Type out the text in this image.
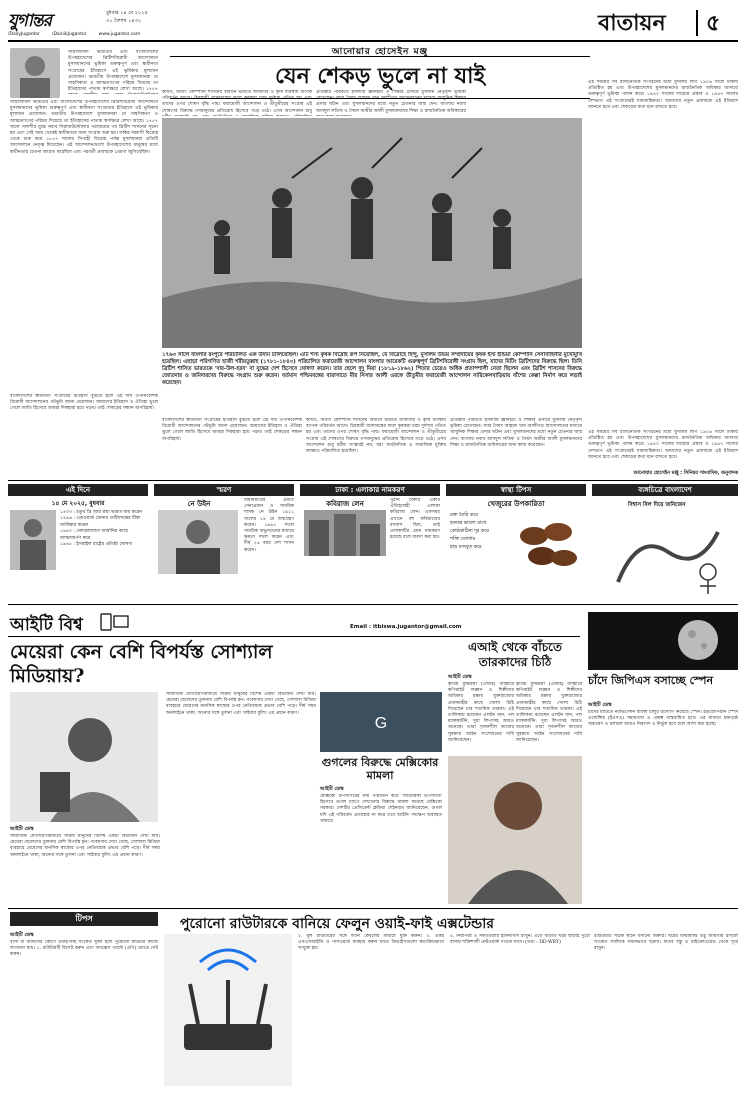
যুগান্তর	বুধবার ১৪ মে ২০২৫
৩১ বৈশাখ ১৪৩২
/DailyJugantor	/DainikJugantor	www.jugantor.com	বাতায়ন ৫
আনোয়ার হোসেইন মঞ্জু
যেন শেকড় ভুলে না যাই
সাম্রাজ্যবাদ ভারতের এবং বাংলাদেশের উপমহাদেশের ব্রিটিশবিরোধী আন্দোলনে মুসলমানদের ভূমিকা গুরুত্বপূর্ণ এবং স্বাধীনতা সংগ্রামের ইতিহাসে এই ভূমিকার মূল্যায়ন প্রয়োজন। ভারতীয় উপমহাদেশে মুসলমানরা যে সাহসিকতা ও আত্মত্যাগের পরিচয় দিয়েছে তা ইতিহাসের পাতায় স্বর্ণাক্ষরে লেখা আছে। ১৭৫৭
সাম্রাজ্যবাদ ভারতের এবং বাংলাদেশের উপমহাদেশের ব্রিটিশবিরোধী আন্দোলনে মুসলমানদের ভূমিকা গুরুত্বপূর্ণ এবং স্বাধীনতা সংগ্রামের ইতিহাসে এই ভূমিকার মূল্যায়ন প্রয়োজন। ভারতীয় উপমহাদেশে মুসলমানরা যে সাহসিকতা ও আত্মত্যাগের পরিচয় দিয়েছে তা ইতিহাসের পাতায় স্বর্ণাক্ষরে লেখা আছে। ১৭৫৭ সালে পলাশীর যুদ্ধে নবাব সিরাজউদ্দৌলার পরাজয়ের পর ব্রিটিশ শাসনের সূচনা হয় এবং সেই সময় থেকেই স্বাধীনতার জন্য সংগ্রাম শুরু হয়। ফকির-সন্ন্যাসী বিদ্রোহ থেকে শুরু করে ১৮৫৭ সালের সিপাহী বিদ্রোহ পর্যন্ত মুসলমানরা প্রতিটি আন্দোলনে নেতৃত্ব দিয়েছেন। এই আন্দোলনগুলো উপমহাদেশের মানুষের মধ্যে স্বাধীনতার চেতনা জাগ্রত করেছিল এবং পরবর্তী প্রজন্মকে প্রেরণা জুগিয়েছিল।
কার্যত, অর্থাৎ কোম্পানি শাসনের অধীনে ভারতে জমিদারি ও কৃষি ব্যবস্থায় ব্যাপক পরিবর্তন আসে। চিরস্থায়ী বন্দোবস্তের ফলে কৃষকরা চরম দুর্দশায় পতিত হয় এবং তাদের ওপর শোষণ বৃদ্ধি পায়। ফরায়েজী আন্দোলন ও তীতুমীরের সংগ্রাম এই শোষণের বিরুদ্ধে গণমানুষের প্রতিরোধ হিসেবে গড়ে ওঠে। এসব আন্দোলন শুধু
প্রতিষ্ঠার পরিবর্তে ইসলামি জ্ঞানচর্চা ও শিক্ষার প্রসারে মুসলিম নেতৃবৃন্দ ভূমিকা রেখেছেন। স্যার সৈয়দ আহমদ খান আলীগড় আন্দোলনের মাধ্যমে আধুনিক শিক্ষার প্রসার ঘটান এবং মুসলমানদের মধ্যে নতুন চেতনার জন্ম দেন। বাংলায় নবাব আবদুল লতিফ ও সৈয়দ আমীর আলী মুসলমানদের শিক্ষা ও রাজনৈতিক অধিকারের
এই সময়ের সব রাজনৈতিক সংগঠনের মধ্যে মুসলিম লীগ ১৯০৬ সালে ঢাকায় প্রতিষ্ঠিত হয় এবং উপমহাদেশের মুসলমানদের রাজনৈতিক অধিকার আদায়ে গুরুত্বপূর্ণ ভূমিকা পালন করে। ১৯৪০ সালের লাহোর প্রস্তাব ও ১৯৪৭ সালের দেশভাগ এই সংগ্রামেরই ধারাবাহিকতা। আমাদের নতুন প্রজন্মকে এই ইতিহাস জানতে হবে এবং শেকড়ের কথা মনে রাখতে হবে।
১৭৬৩ সালে বাংলার রংপুরে পরিচালিত এক উদ্যম চালিয়েছিল। এটি শস্য কৃষক বিদ্রোহ রূপ নিয়েছিল, যে বিদ্রোহে হিন্দু, মুসলিম উভয় সম্প্রদায়ের কৃষক ইস্ট ইন্ডিয়া কোম্পানি সেনাবাহিনীর মুখোমুখি হয়েছিল। এছাড়া পরিগণিত হাজী শরীয়তুল্লাহ (১৭৮১-১৮৪০) পরিচালিত ফরায়েজী আন্দোলন বাংলার আরেকটি গুরুত্বপূর্ণ ব্রিটিশবিরোধী সংগ্রাম ছিল, যাদের মিটিং ব্রিটিশদের বিরুদ্ধে ছিল। তিনি ব্রিটিশ শাসিত ভারতকে 'দার-উল-হরব' বা যুদ্ধের দেশ হিসেবে ঘোষণা করেন। তার ছেলে দুদু মিয়া (১৮১৯-১৮৬২) পিতার চেয়েও অধিক প্রতাপশালী নেতা ছিলেন এবং ব্রিটিশ শাসনের বিরুদ্ধে জোতদার ও জমিদারদের বিরুদ্ধে সংগ্রাম শুরু করেন। বর্তমান পশ্চিমবঙ্গের বারাসাতে মীর নিসার আলী ওরফে তীতুমীর ফরায়েজী আন্দোলন নারিকেলবাড়িয়ায় বাঁশের কেল্লা নির্মাণ করে লড়াই করেছেন।
বাংলাদেশের স্বাধীনতা সংগ্রামের ইতিহাস বুঝতে হলে এই দীর্ঘ ঔপনিবেশিক বিরোধী আন্দোলনের পটভূমি জানা প্রয়োজন। আমাদের ইতিহাস ও ঐতিহ্য ভুলে গেলে জাতি হিসেবে আমরা দিকহারা হয়ে পড়ব। তাই শেকড়ের সন্ধান অপরিহার্য।
কার্যত, অর্থাৎ কোম্পানি শাসনের অধীনে ভারতে জমিদারি ও কৃষি ব্যবস্থায় ব্যাপক পরিবর্তন আসে। চিরস্থায়ী বন্দোবস্তের ফলে কৃষকরা চরম দুর্দশায় পতিত হয় এবং তাদের ওপর শোষণ বৃদ্ধি পায়। ফরায়েজী আন্দোলন ও তীতুমীরের সংগ্রাম এই শোষণের বিরুদ্ধে গণমানুষের প্রতিরোধ হিসেবে গড়ে ওঠে। এসব আন্দোলন শুধু ধর্মীয় সংস্কারই নয়, বরং অর্থনৈতিক ও সামাজিক মুক্তির লক্ষ্যেও পরিচালিত হয়েছিল।
প্রতিষ্ঠার পরিবর্তে ইসলামি জ্ঞানচর্চা ও শিক্ষার প্রসারে মুসলিম নেতৃবৃন্দ ভূমিকা রেখেছেন। স্যার সৈয়দ আহমদ খান আলীগড় আন্দোলনের মাধ্যমে আধুনিক শিক্ষার প্রসার ঘটান এবং মুসলমানদের মধ্যে নতুন চেতনার জন্ম দেন। বাংলায় নবাব আবদুল লতিফ ও সৈয়দ আমীর আলী মুসলমানদের শিক্ষা ও রাজনৈতিক অধিকারের জন্য কাজ করেছেন।
বাংলাদেশের স্বাধীনতা সংগ্রামের ইতিহাস বুঝতে হলে এই দীর্ঘ ঔপনিবেশিক বিরোধী আন্দোলনের পটভূমি জানা প্রয়োজন। আমাদের ইতিহাস ও ঐতিহ্য ভুলে গেলে জাতি হিসেবে আমরা দিকহারা হয়ে পড়ব। তাই শেকড়ের সন্ধান অপরিহার্য।
এই সময়ের সব রাজনৈতিক সংগঠনের মধ্যে মুসলিম লীগ ১৯০৬ সালে ঢাকায় প্রতিষ্ঠিত হয় এবং উপমহাদেশের মুসলমানদের রাজনৈতিক অধিকার আদায়ে গুরুত্বপূর্ণ ভূমিকা পালন করে। ১৯৪০ সালের লাহোর প্রস্তাব ও ১৯৪৭ সালের দেশভাগ এই সংগ্রামেরই ধারাবাহিকতা। আমাদের নতুন প্রজন্মকে এই ইতিহাস জানতে হবে এবং শেকড়ের কথা মনে রাখতে হবে।
আনোয়ার হোসেইন মঞ্জু : সিনিয়র সাংবাদিক, অনুবাদক
এই দিনে
১৪ মে ২০২৫, বুধবার
১৪৩৩ : চতুর্থ খ্রি আর ত্রয়া ভারত জয় করেন
১৭৯৬ : এডওয়ার্ড জেনার গুটিবসন্তের টিকা আবিষ্কার করেন
১৯৪০ : নেদারল্যান্ডস জার্মানির কাছে আত্মসমর্পণ করে
১৯৪৮ : ইসরাইল রাষ্ট্রের প্রতিষ্ঠা ঘোষণা
স্মরণ
নে উইন	মিয়ানমারের প্রয়াত সেনাপ্রধান ও সামরিক শাসক নে উইন ১৯১১ সালের ১৪ মে জন্মগ্রহণ করেন। ১৯৬২ সালে সামরিক অভ্যুত্থানের মাধ্যমে ক্ষমতা দখল করেন এবং দীর্ঘ ২৬ বছর দেশ শাসন করেন।
ঢাকা : এলাকার নামকরণ
কবিরাজ লেন	পুরান ঢাকার একটি ঐতিহ্যবাহী এলাকা কবিরাজ লেন। একসময় এখানে বহু কবিরাজের বসবাস ছিল, তাই এলাকাটির এমন নামকরণ হয়েছে বলে ধারণা করা হয়।
স্বাস্থ্য টিপস
খেজুরের উপকারিতা
রক্ত তৈরি করে
হৃদযন্ত্র ভালো রাখে
কোষ্ঠকাঠিন্য দূর করে
শক্তি জোগায়
হাড় মজবুত করে
ব্যঙ্গচিত্রে বাংলাদেশ
বিশ্বাস বিল দিয়ে জনিজেন
আইটি বিশ্ব	Email : itbiswa.jugantor@gmail.com
মেয়েরা কেন বেশি বিপর্যস্ত সোশ্যাল মিডিয়ায়?
আইটি ডেস্ক
সামাজিক যোগাযোগমাধ্যমে সক্রিয় মানুষের বিশেষ একটা বিভাজন দেখা যায়। মেয়েরা ছেলেদের তুলনায় বেশি বিপর্যস্ত হন। গবেষণায় দেখা গেছে, সোশ্যাল মিডিয়া ব্যবহারে মেয়েদের মানসিক স্বাস্থ্যের ওপর নেতিবাচক প্রভাব বেশি পড়ে। দীর্ঘ সময় অনলাইনে থাকা, অন্যের সঙ্গে তুলনা এবং সাইবার বুলিং এর প্রধান কারণ।
সামাজিক যোগাযোগমাধ্যমে সক্রিয় মানুষের বিশেষ একটা বিভাজন দেখা যায়। মেয়েরা ছেলেদের তুলনায় বেশি বিপর্যস্ত হন। গবেষণায় দেখা গেছে, সোশ্যাল মিডিয়া ব্যবহারে মেয়েদের মানসিক স্বাস্থ্যের ওপর নেতিবাচক প্রভাব বেশি পড়ে। দীর্ঘ সময় অনলাইনে থাকা, অন্যের সঙ্গে তুলনা এবং সাইবার বুলিং এর প্রধান কারণ।
গুগলের বিরুদ্ধে মেক্সিকোর মামলা
G
আইটি ডেস্ক
মেক্সিকো উপসাগরের নাম পরিবর্তন করে 'আমেরিকা উপসাগর' হিসেবে গুগল ম্যাপে দেখানোর বিরুদ্ধে মামলা করেছে মেক্সিকো সরকার। দেশটির প্রেসিডেন্ট ক্লডিয়া শেইনবাম জানিয়েছেন, গুগল যদি এই পরিবর্তন প্রত্যাহার না করে তবে আইনি পদক্ষেপ অব্যাহত থাকবে।
এআই থেকে বাঁচতে তারকাদের চিঠি
আইটি ডেস্ক
কৃত্রিম বুদ্ধিমত্তা (এআই) ব্যবহারে কপিরাইট লঙ্ঘন ও শিল্পীদের অধিকার রক্ষায় যুক্তরাজ্যের প্রধানমন্ত্রীর কাছে খোলা চিঠি দিয়েছেন চার শতাধিক তারকা। এই তালিকায় রয়েছেন এলটন জন, পল ম্যাককার্টনি, দুয়া লিপাসহ আরও অনেকে। তারা সৃজনশীল কাজের সুরক্ষায় আইন সংশোধনের দাবি জানিয়েছেন।
কৃত্রিম বুদ্ধিমত্তা (এআই) ব্যবহারে কপিরাইট লঙ্ঘন ও শিল্পীদের অধিকার রক্ষায় যুক্তরাজ্যের প্রধানমন্ত্রীর কাছে খোলা চিঠি দিয়েছেন চার শতাধিক তারকা। এই তালিকায় রয়েছেন এলটন জন, পল ম্যাককার্টনি, দুয়া লিপাসহ আরও অনেকে। তারা সৃজনশীল কাজের সুরক্ষায় আইন সংশোধনের দাবি জানিয়েছেন।
চাঁদে জিপিএস বসাচ্ছে স্পেন
আইটি ডেস্ক
চাঁদের মাটিতে ন্যাভিগেশন ব্যবস্থা চালুর উদ্যোগ নিয়েছে স্পেন। ইউরোপিয়ান স্পেস এজেন্সির (ইএসএ) সহায়তায় এ প্রকল্প বাস্তবায়িত হবে। এর মাধ্যমে চন্দ্রপৃষ্ঠে অবতরণ ও চলাচল আরও নিরাপদ ও নির্ভুল হবে বলে আশা করা হচ্ছে।
টিপস	পুরোনো রাউটারকে বানিয়ে ফেলুন ওয়াই-ফাই এক্সটেন্ডার
আইটি ডেস্ক
বাসা বা অফিসের কোণে ওয়াই-ফাই সংকেত দুর্বল হলে পুরোনো রাউটার কাজে লাগানো যায়। ১. রাউটারটি রিসেট করুন এবং অ্যাক্সেস পয়েন্ট (এপি) মোডে সেট করুন।
২. মূল রাউটারের সঙ্গে ল্যান কেবলের মাধ্যমে যুক্ত করুন। ৩. একই এসএসআইডি ও পাসওয়ার্ড ব্যবহার করুন যাতে ডিভাইসগুলো স্বয়ংক্রিয়ভাবে সংযুক্ত হয়।
৪. নিরাপত্তা ও সফটওয়্যার হালনাগাদ রাখুন। এতে বাড়তি খরচ ছাড়াই পুরো বাসায় শক্তিশালী নেটওয়ার্ক পাওয়া যাবে। (তথ্য : DD-WRT)
রাউটারটি সঠিক স্থানে বসানো জরুরি। ঘরের মাঝামাঝি উঁচু জায়গায় রাখলে সংকেত সবদিকে সমানভাবে ছড়ায়। ধাতব বস্তু ও মাইক্রোওয়েভ থেকে দূরে রাখুন।
